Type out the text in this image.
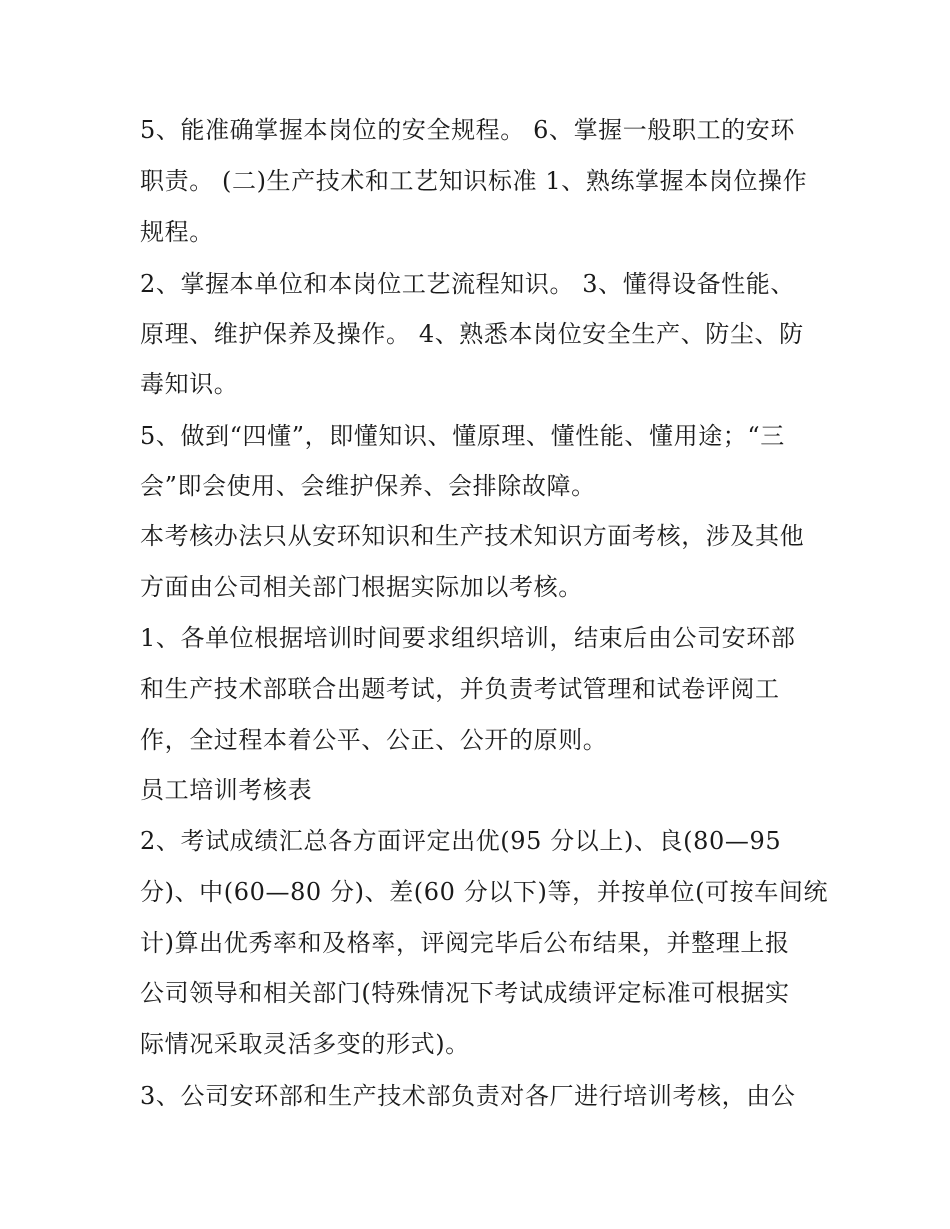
5、能准确掌握本岗位的安全规程。 6、掌握一般职工的安环
职责。 (二)生产技术和工艺知识标准 1、熟练掌握本岗位操作
规程。
2、掌握本单位和本岗位工艺流程知识。 3、懂得设备性能、
原理、维护保养及操作。 4、熟悉本岗位安全生产、防尘、防
毒知识。
5、做到“四懂”，即懂知识、懂原理、懂性能、懂用途；“三
会”即会使用、会维护保养、会排除故障。
本考核办法只从安环知识和生产技术知识方面考核，涉及其他
方面由公司相关部门根据实际加以考核。
1、各单位根据培训时间要求组织培训，结束后由公司安环部
和生产技术部联合出题考试，并负责考试管理和试卷评阅工
作，全过程本着公平、公正、公开的原则。
员工培训考核表
2、考试成绩汇总各方面评定出优(95 分以上)、良(80—95
分)、中(60—80 分)、差(60 分以下)等，并按单位(可按车间统
计)算出优秀率和及格率，评阅完毕后公布结果，并整理上报
公司领导和相关部门(特殊情况下考试成绩评定标准可根据实
际情况采取灵活多变的形式)。
3、公司安环部和生产技术部负责对各厂进行培训考核，由公
